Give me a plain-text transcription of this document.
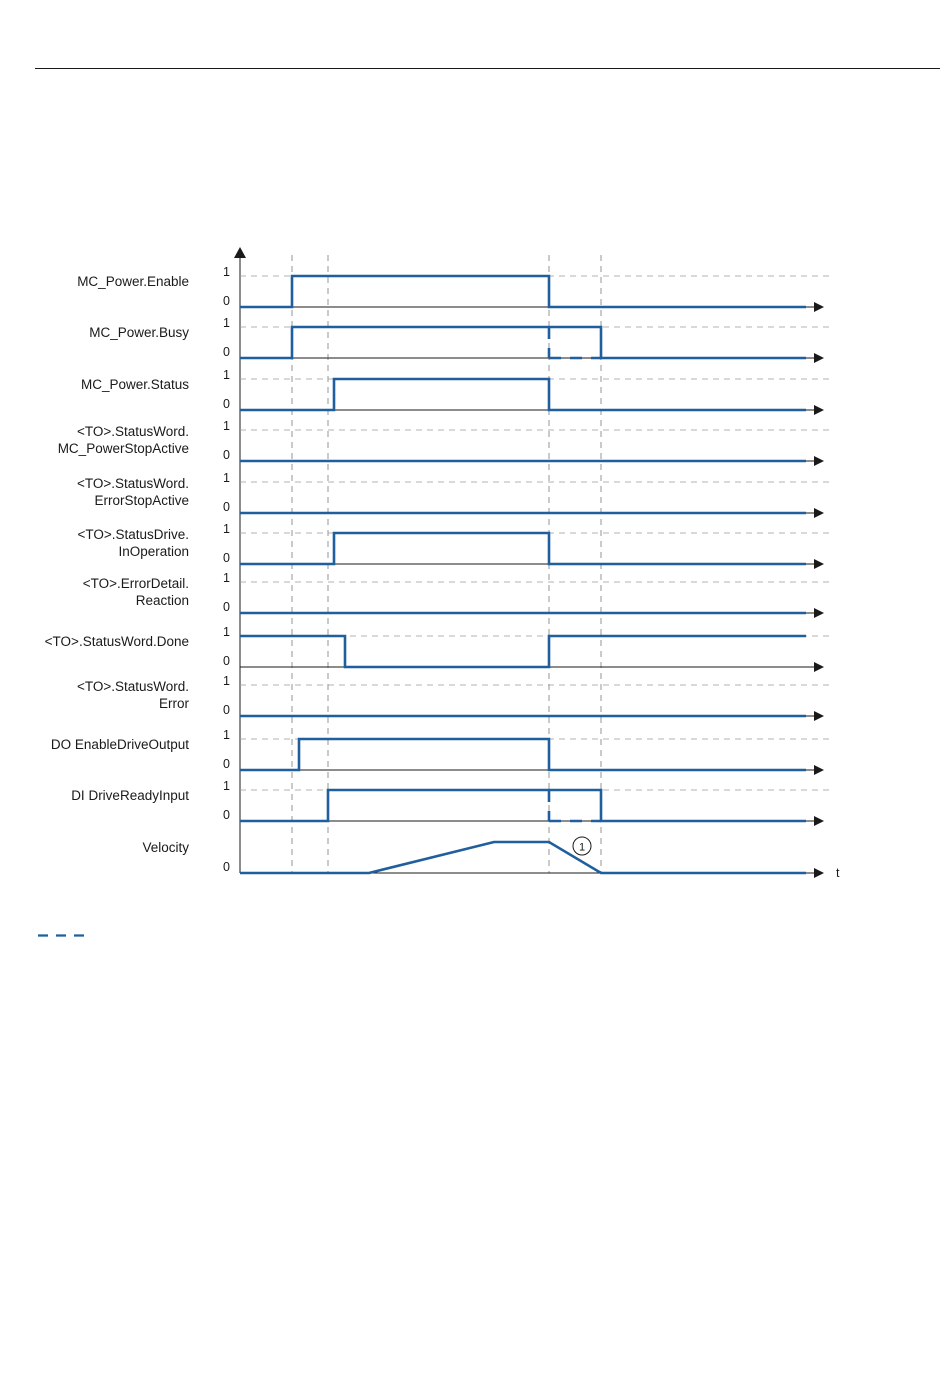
MC_Power.Enable
1
0
MC_Power.Busy
1
0
MC_Power.Status
1
0
<TO>.StatusWord. MC_PowerStopActive
1
0
<TO>.StatusWord. ErrorStopActive
1
0
<TO>.StatusDrive. InOperation
1
0
<TO>.ErrorDetail. Reaction
1
0
<TO>.StatusWord.Done
1
0
<TO>.StatusWord. Error
1
0
DO EnableDriveOutput
1
0
DI DriveReadyInput
1
0
Velocity
0
1
t
